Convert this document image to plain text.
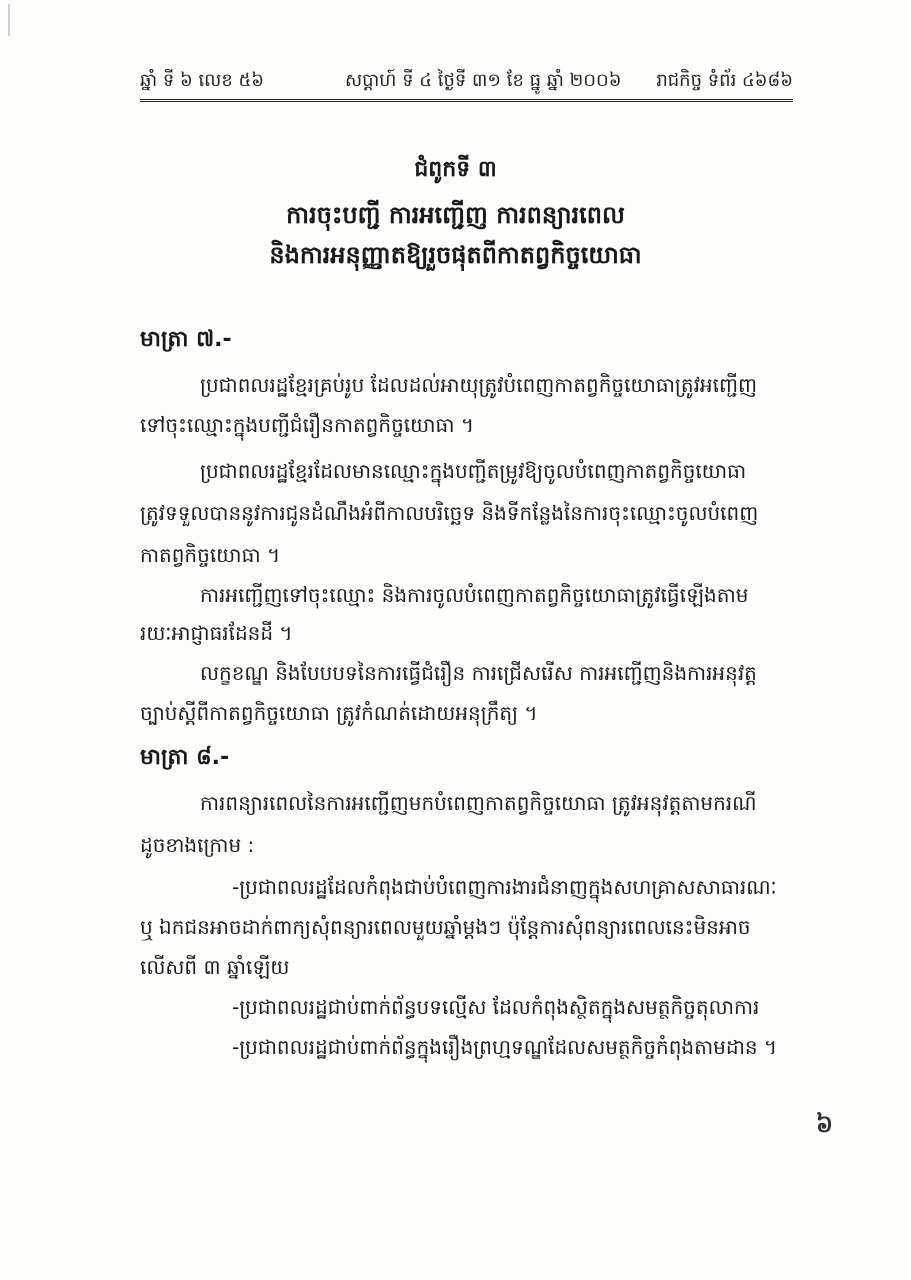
ឆ្នាំ ទី ៦ លេខ ៥៦	សប្តាហ៍ ទី ៤ ថ្ងៃទី ៣១ ខែ ធ្នូ ឆ្នាំ ២០០៦ រាជកិច្ច ទំព័រ ៤៦៨៦
ជំពូកទី ៣
ការចុះបញ្ជី ការអញ្ជើញ ការពន្យារពេល
និងការអនុញ្ញាតឱ្យរួចផុតពីកាតព្វកិច្ចយោធា
មាត្រា ៧.-
ប្រជាពលរដ្ឋខ្មែរគ្រប់រូប ដែលដល់អាយុត្រូវបំពេញកាតព្វកិច្ចយោធាត្រូវអញ្ជើញ
ទៅចុះឈ្មោះក្នុងបញ្ជីជំរឿនកាតព្វកិច្ចយោធា ។
ប្រជាពលរដ្ឋខ្មែរដែលមានឈ្មោះក្នុងបញ្ជីតម្រូវឱ្យចូលបំពេញកាតព្វកិច្ចយោធា
ត្រូវទទួលបាននូវការជូនដំណឹងអំពីកាលបរិច្ឆេទ និងទីកន្លែងនៃការចុះឈ្មោះចូលបំពេញ
កាតព្វកិច្ចយោធា ។
ការអញ្ជើញទៅចុះឈ្មោះ និងការចូលបំពេញកាតព្វកិច្ចយោធាត្រូវធ្វើឡើងតាម
រយៈអាជ្ញាធរដែនដី ។
លក្ខខណ្ឌ និងបែបបទនៃការធ្វើជំរឿន ការជ្រើសរើស ការអញ្ជើញនិងការអនុវត្ត
ច្បាប់ស្តីពីកាតព្វកិច្ចយោធា ត្រូវកំណត់ដោយអនុក្រឹត្យ ។
មាត្រា ៨.-
ការពន្យារពេលនៃការអញ្ជើញមកបំពេញកាតព្វកិច្ចយោធា ត្រូវអនុវត្តតាមករណី
ដូចខាងក្រោម :
-ប្រជាពលរដ្ឋដែលកំពុងជាប់បំពេញការងារជំនាញក្នុងសហគ្រាសសាធារណៈ
ឬ ឯកជនអាចដាក់ពាក្យសុំពន្យារពេលមួយឆ្នាំម្តងៗ ប៉ុន្តែការសុំពន្យារពេលនេះមិនអាច
លើសពី ៣ ឆ្នាំឡើយ
-ប្រជាពលរដ្ឋជាប់ពាក់ព័ន្ធបទល្មើស ដែលកំពុងស្ថិតក្នុងសមត្ថកិច្ចតុលាការ
-ប្រជាពលរដ្ឋជាប់ពាក់ព័ន្ធក្នុងរឿងព្រហ្មទណ្ឌដែលសមត្ថកិច្ចកំពុងតាមដាន ។
៦
